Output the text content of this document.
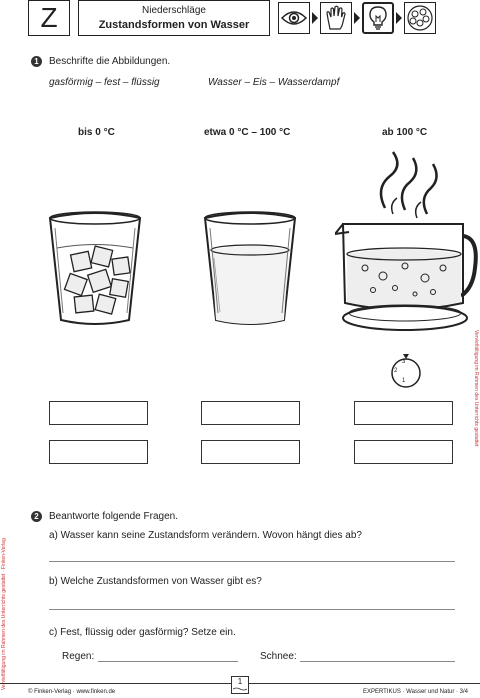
Vervielfältigung im Rahmen des Unterrichts gestattet · Finken-Verlag
Vervielfältigung im Rahmen des Unterrichts gestattet
Z	Niederschläge
Zustandsformen von Wasser
1	Beschrifte die Abbildungen.
gasförmig – fest – flüssig	Wasser – Eis – Wasserdampf
bis 0 °C	etwa 0 °C – 100 °C	ab 100 °C
3
2
1
2	Beantworte folgende Fragen.
a) Wasser kann seine Zustandsform verändern. Wovon hängt dies ab?
b) Welche Zustandsformen von Wasser gibt es?
c) Fest, flüssig oder gasförmig? Setze ein.
Regen:	Schnee:
© Finken-Verlag · www.finken.de
1
EXPERTIKUS · Wasser und Natur · 3/4
